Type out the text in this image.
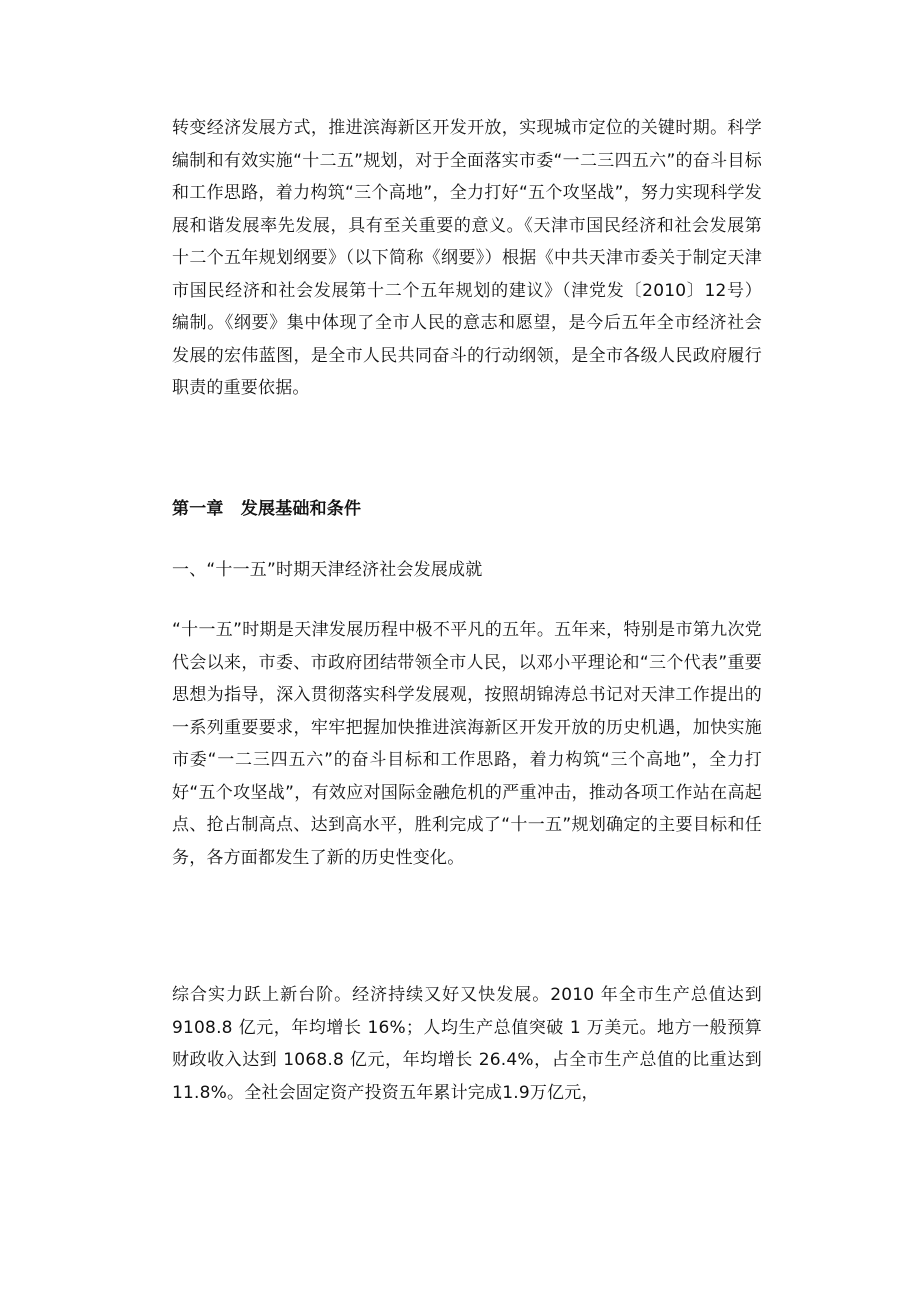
转变经济发展方式，推进滨海新区开发开放，实现城市定位的关键时期。科学编制和有效实施“十二五”规划，对于全面落实市委“一二三四五六”的奋斗目标和工作思路，着力构筑“三个高地”，全力打好“五个攻坚战”，努力实现科学发展和谐发展率先发展，具有至关重要的意义。《天津市国民经济和社会发展第十二个五年规划纲要》（以下简称《纲要》）根据《中共天津市委关于制定天津市国民经济和社会发展第十二个五年规划的建议》（津党发〔2010〕12号）编制。《纲要》集中体现了全市人民的意志和愿望，是今后五年全市经济社会发展的宏伟蓝图，是全市人民共同奋斗的行动纲领，是全市各级人民政府履行职责的重要依据。

第一章　发展基础和条件

一、“十一五”时期天津经济社会发展成就

“十一五”时期是天津发展历程中极不平凡的五年。五年来，特别是市第九次党代会以来，市委、市政府团结带领全市人民，以邓小平理论和“三个代表”重要思想为指导，深入贯彻落实科学发展观，按照胡锦涛总书记对天津工作提出的一系列重要要求，牢牢把握加快推进滨海新区开发开放的历史机遇，加快实施市委“一二三四五六”的奋斗目标和工作思路，着力构筑“三个高地”，全力打好“五个攻坚战”，有效应对国际金融危机的严重冲击，推动各项工作站在高起点、抢占制高点、达到高水平，胜利完成了“十一五”规划确定的主要目标和任务，各方面都发生了新的历史性变化。

综合实力跃上新台阶。经济持续又好又快发展。2010 年全市生产总值达到 9108.8 亿元，年均增长 16%；人均生产总值突破 1 万美元。地方一般预算财政收入达到 1068.8 亿元，年均增长 26.4%，占全市生产总值的比重达到11.8%。全社会固定资产投资五年累计完成1.9万亿元，
